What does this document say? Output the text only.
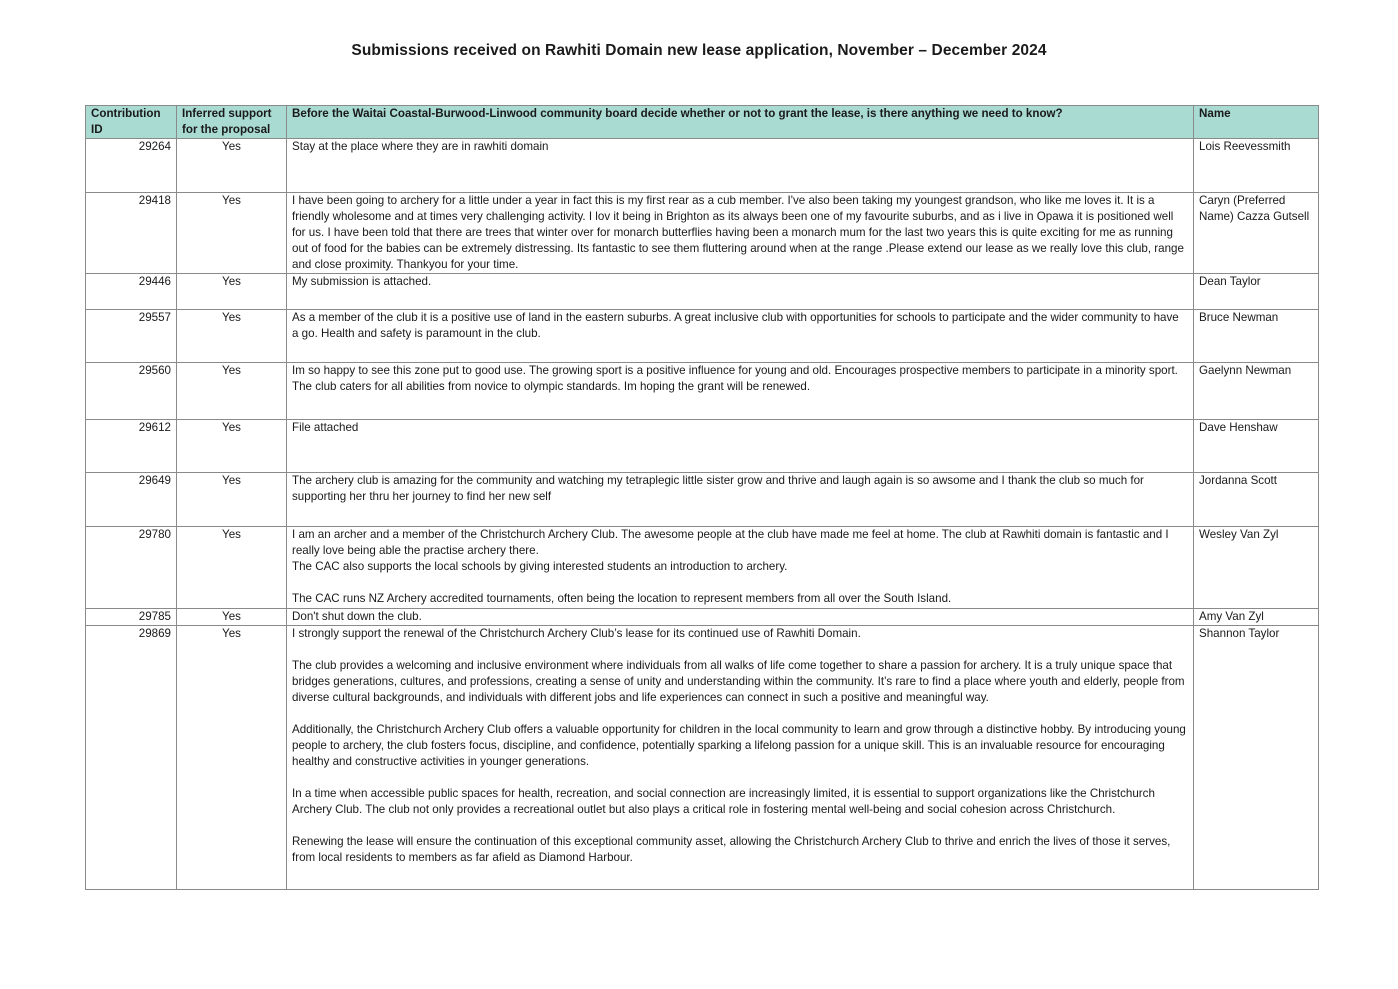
Submissions received on Rawhiti Domain new lease application, November – December 2024
Contribution ID	Inferred support for the proposal	Before the Waitai Coastal-Burwood-Linwood community board decide whether or not to grant the lease, is there anything we need to know?	Name
29264	Yes	Stay at the place where they are in rawhiti domain	Lois Reevessmith
29418	Yes	I have been going to archery for a little under a year in fact this is my first rear as a cub member. I've also been taking my youngest grandson, who like me loves it. It is a friendly wholesome and at times very challenging activity. I lov it being in Brighton as its always been one of my favourite suburbs, and as i live in Opawa it is positioned well for us. I have been told that there are trees that winter over for monarch butterflies having been a monarch mum for the last two years this is quite exciting for me as running out of food for the babies can be extremely distressing. Its fantastic to see them fluttering around when at the range .Please extend our lease as we really love this club, range and close proximity. Thankyou for your time.	Caryn (Preferred Name) Cazza Gutsell
29446	Yes	My submission is attached.	Dean Taylor
29557	Yes	As a member of the club it is a positive use of land in the eastern suburbs. A great inclusive club with opportunities for schools to participate and the wider community to have a go. Health and safety is paramount in the club.	Bruce Newman
29560	Yes	Im so happy to see this zone put to good use. The growing sport is a positive influence for young and old. Encourages prospective members to participate in a minority sport. The club caters for all abilities from novice to olympic standards. Im hoping the grant will be renewed.	Gaelynn Newman
29612	Yes	File attached	Dave Henshaw
29649	Yes	The archery club is amazing for the community and watching my tetraplegic little sister grow and thrive and laugh again is so awsome and I thank the club so much for supporting her thru her journey to find her new self	Jordanna Scott
29780	Yes	I am an archer and a member of the Christchurch Archery Club. The awesome people at the club have made me feel at home. The club at Rawhiti domain is fantastic and I really love being able the practise archery there.

The CAC also supports the local schools by giving interested students an introduction to archery.

The CAC runs NZ Archery accredited tournaments, often being the location to represent members from all over the South Island.	Wesley Van Zyl
29785	Yes	Don't shut down the club.	Amy Van Zyl
29869	Yes	I strongly support the renewal of the Christchurch Archery Club’s lease for its continued use of Rawhiti Domain.

The club provides a welcoming and inclusive environment where individuals from all walks of life come together to share a passion for archery. It is a truly unique space that bridges generations, cultures, and professions, creating a sense of unity and understanding within the community. It’s rare to find a place where youth and elderly, people from diverse cultural backgrounds, and individuals with different jobs and life experiences can connect in such a positive and meaningful way.

Additionally, the Christchurch Archery Club offers a valuable opportunity for children in the local community to learn and grow through a distinctive hobby. By introducing young people to archery, the club fosters focus, discipline, and confidence, potentially sparking a lifelong passion for a unique skill. This is an invaluable resource for encouraging healthy and constructive activities in younger generations.

In a time when accessible public spaces for health, recreation, and social connection are increasingly limited, it is essential to support organizations like the Christchurch Archery Club. The club not only provides a recreational outlet but also plays a critical role in fostering mental well-being and social cohesion across Christchurch.

Renewing the lease will ensure the continuation of this exceptional community asset, allowing the Christchurch Archery Club to thrive and enrich the lives of those it serves, from local residents to members as far afield as Diamond Harbour.	Shannon Taylor
